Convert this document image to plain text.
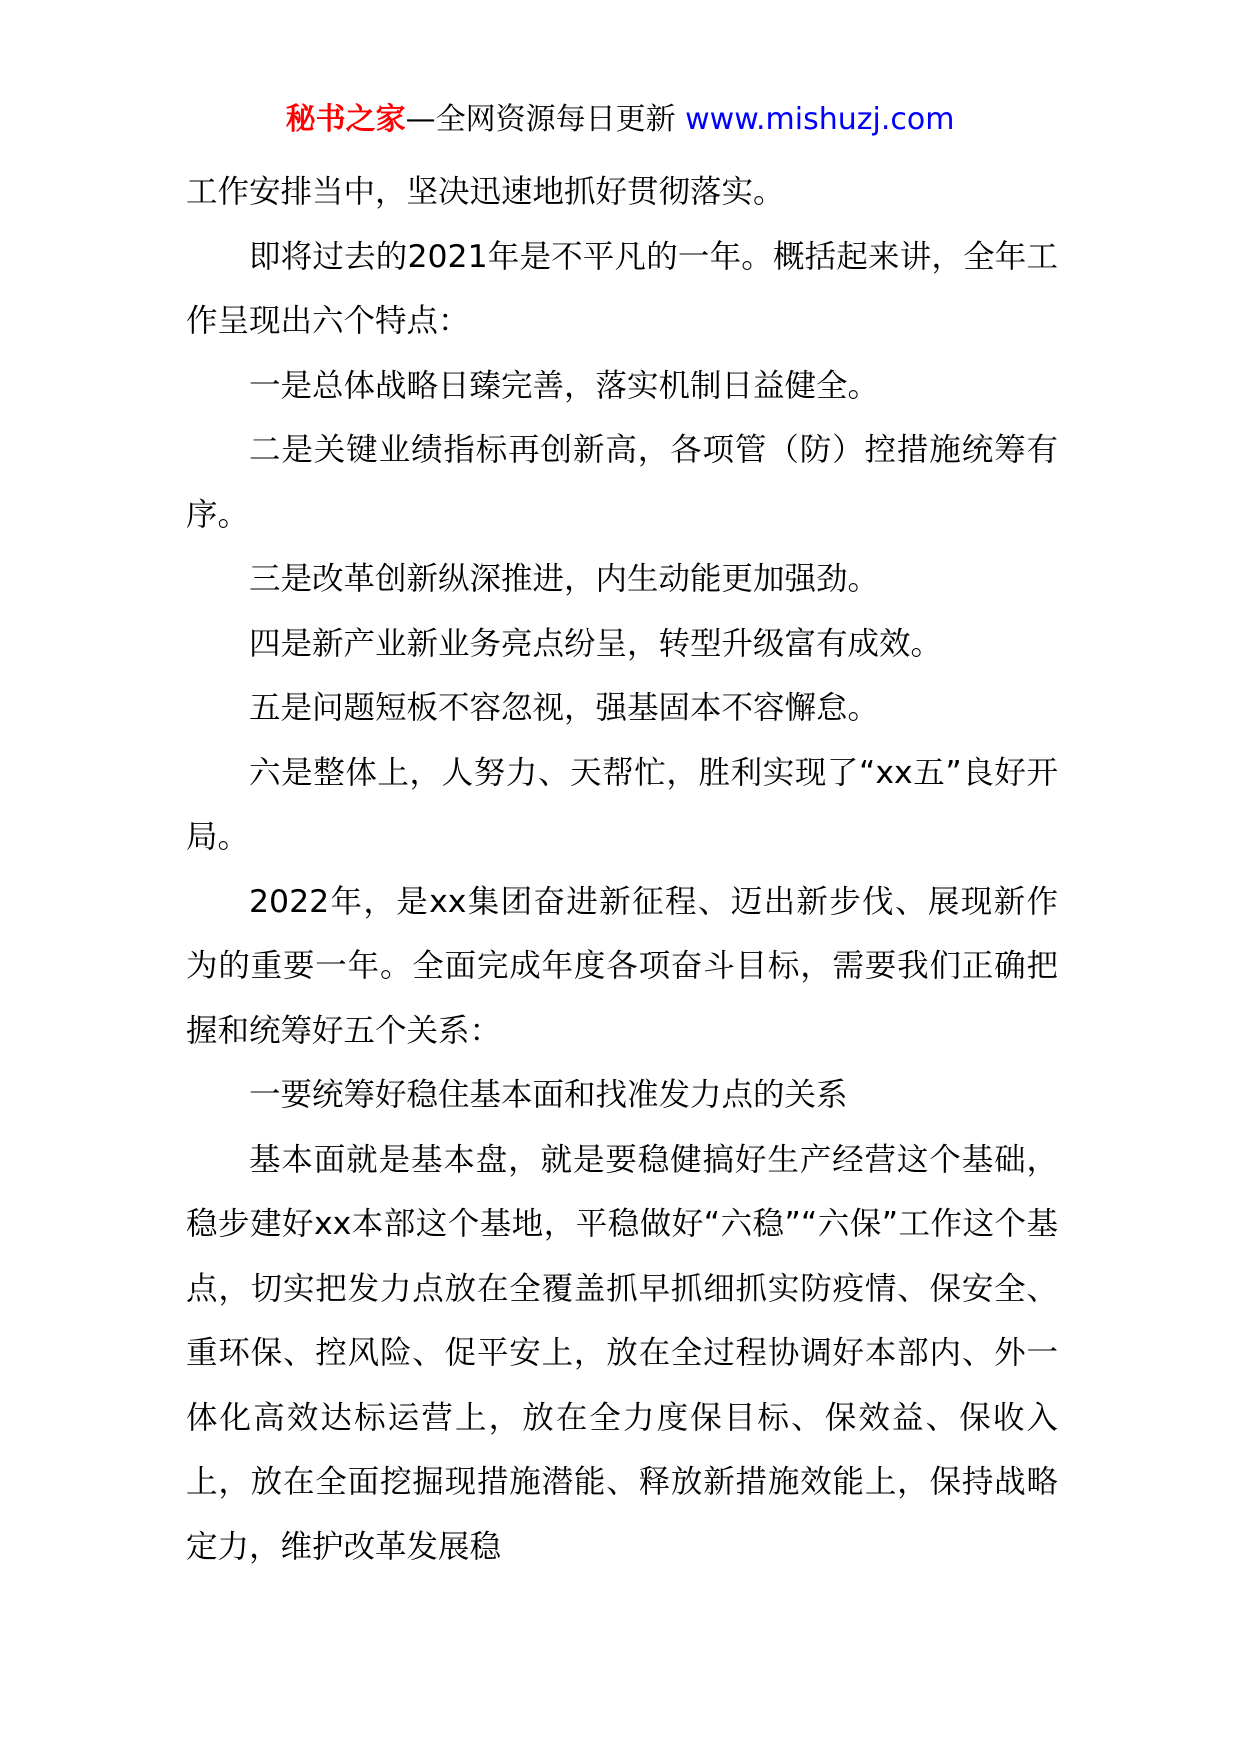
秘书之家—全网资源每日更新 www.mishuzj.com

工作安排当中，坚决迅速地抓好贯彻落实。

即将过去的2021年是不平凡的一年。概括起来讲，全年工作呈现出六个特点：

一是总体战略日臻完善，落实机制日益健全。

二是关键业绩指标再创新高，各项管（防）控措施统筹有序。

三是改革创新纵深推进，内生动能更加强劲。

四是新产业新业务亮点纷呈，转型升级富有成效。

五是问题短板不容忽视，强基固本不容懈怠。

六是整体上，人努力、天帮忙，胜利实现了“xx五”良好开局。

2022年，是xx集团奋进新征程、迈出新步伐、展现新作为的重要一年。全面完成年度各项奋斗目标，需要我们正确把握和统筹好五个关系：

一要统筹好稳住基本面和找准发力点的关系

基本面就是基本盘，就是要稳健搞好生产经营这个基础，稳步建好xx本部这个基地，平稳做好“六稳”“六保”工作这个基点，切实把发力点放在全覆盖抓早抓细抓实防疫情、保安全、重环保、控风险、促平安上，放在全过程协调好本部内、外一体化高效达标运营上，放在全力度保目标、保效益、保收入上，放在全面挖掘现措施潜能、释放新措施效能上，保持战略定力，维护改革发展稳
